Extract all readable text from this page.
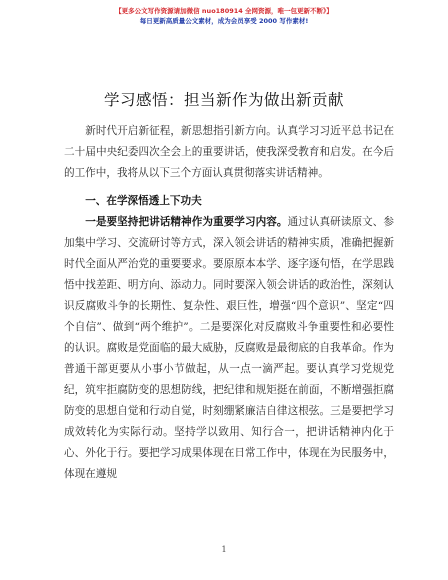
【更多公文写作资源请加微信 nuo180914 全网资源，唯一包更新不断》】
每日更新高质量公文素材，成为会员享受 2000 写作素材!
学习感悟：担当新作为做出新贡献

新时代开启新征程，新思想指引新方向。认真学习习近平总书记在二十届中央纪委四次全会上的重要讲话，使我深受教育和启发。在今后的工作中，我将从以下三个方面认真贯彻落实讲话精神。

一、在学深悟透上下功夫

一是要坚持把讲话精神作为重要学习内容。通过认真研读原文、参加集中学习、交流研讨等方式，深入领会讲话的精神实质，准确把握新时代全面从严治党的重要要求。要原原本本学、逐字逐句悟，在学思践悟中找差距、明方向、添动力。同时要深入领会讲话的政治性，深刻认识反腐败斗争的长期性、复杂性、艰巨性，增强“四个意识”、坚定“四个自信”、做到“两个维护”。二是要深化对反腐败斗争重要性和必要性的认识。腐败是党面临的最大威胁，反腐败是最彻底的自我革命。作为普通干部更要从小事小节做起，从一点一滴严起。要认真学习党规党纪，筑牢拒腐防变的思想防线，把纪律和规矩挺在前面，不断增强拒腐防变的思想自觉和行动自觉，时刻绷紧廉洁自律这根弦。三是要把学习成效转化为实际行动。坚持学以致用、知行合一，把讲话精神内化于心、外化于行。要把学习成果体现在日常工作中，体现在为民服务中，体现在遵规

1
